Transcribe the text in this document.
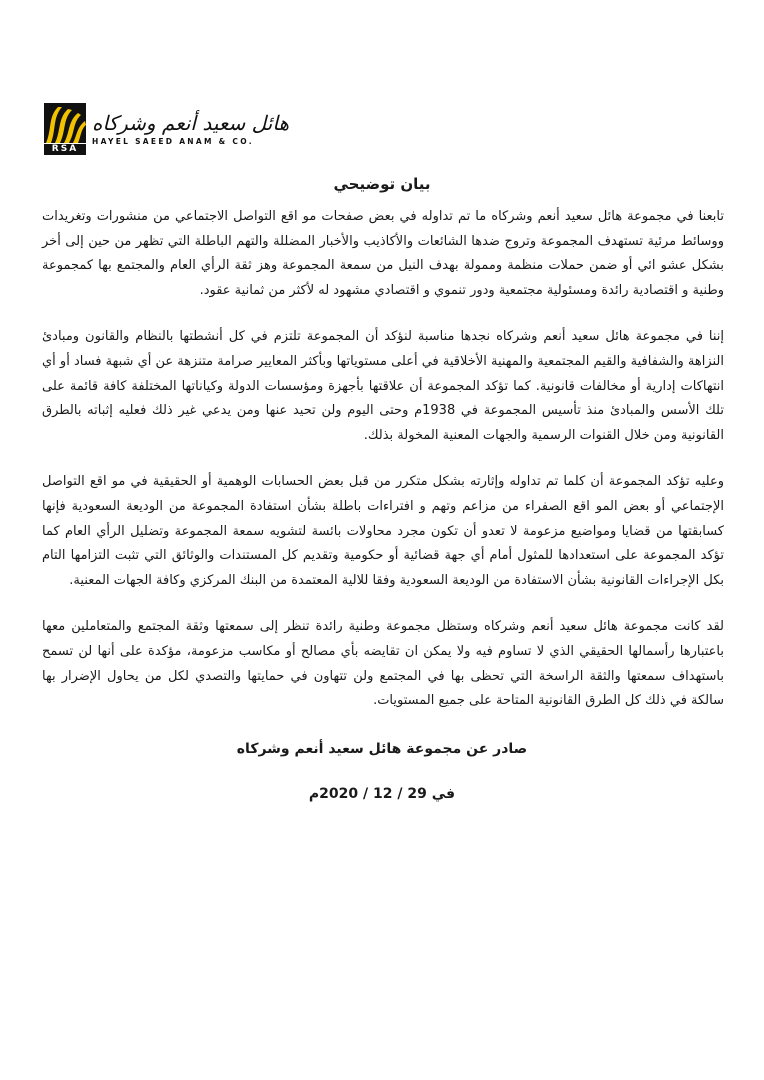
RSA
هائل سعيد أنعم وشركاه
HAYEL SAEED ANAM & CO.
بيان توضيحي

تابعنا في مجموعة هائل سعيد أنعم وشركاه ما تم تداوله في بعض صفحات مو اقع التواصل الاجتماعي من منشورات وتغريدات ووسائط مرئية تستهدف المجموعة وتروج ضدها الشائعات والأكاذيب والأخبار المضللة والتهم الباطلة التي تظهر من حين إلى أخر بشكل عشو ائي أو ضمن حملات منظمة وممولة بهدف النيل من سمعة المجموعة وهز ثقة الرأي العام والمجتمع بها كمجموعة وطنية و اقتصادية رائدة ومسئولية مجتمعية ودور تنموي و اقتصادي مشهود له لأكثر من ثمانية عقود.

إننا في مجموعة هائل سعيد أنعم وشركاه نجدها مناسبة لنؤكد أن المجموعة تلتزم في كل أنشطتها بالنظام والقانون ومبادئ النزاهة والشفافية والقيم المجتمعية والمهنية الأخلاقية في أعلى مستوياتها وبأكثر المعايير صرامة متنزهة عن أي شبهة فساد أو أي انتهاكات إدارية أو مخالفات قانونية. كما تؤكد المجموعة أن علاقتها بأجهزة ومؤسسات الدولة وكياناتها المختلفة كافة قائمة على تلك الأسس والمبادئ منذ تأسيس المجموعة في 1938م وحتى اليوم ولن تحيد عنها ومن يدعي غير ذلك فعليه إثباته بالطرق القانونية ومن خلال القنوات الرسمية والجهات المعنية المخولة بذلك.

وعليه تؤكد المجموعة أن كلما تم تداوله وإثارته بشكل متكرر من قبل بعض الحسابات الوهمية أو الحقيقية في مو اقع التواصل الإجتماعي أو بعض المو اقع الصفراء من مزاعم وتهم و افتراءات باطلة بشأن استفادة المجموعة من الوديعة السعودية فإنها كسابقتها من قضايا ومواضيع مزعومة لا تعدو أن تكون مجرد محاولات بائسة لتشويه سمعة المجموعة وتضليل الرأي العام كما تؤكد المجموعة على استعدادها للمثول أمام أي جهة قضائية أو حكومية وتقديم كل المستندات والوثائق التي تثبت التزامها التام بكل الإجراءات القانونية بشأن الاستفادة من الوديعة السعودية وفقا للالية المعتمدة من البنك المركزي وكافة الجهات المعنية.

لقد كانت مجموعة هائل سعيد أنعم وشركاه وستظل مجموعة وطنية رائدة تنظر إلى سمعتها وثقة المجتمع والمتعاملين معها باعتبارها رأسمالها الحقيقي الذي لا تساوم فيه ولا يمكن ان تقايضه بأي مصالح أو مكاسب مزعومة، مؤكدة على أنها لن تسمح باستهداف سمعتها والثقة الراسخة التي تحظى بها في المجتمع ولن تتهاون في حمايتها والتصدي لكل من يحاول الإضرار بها سالكة في ذلك كل الطرق القانونية المتاحة على جميع المستويات.

صادر عن مجموعة هائل سعيد أنعم وشركاه
في 29 / 12 / 2020م
